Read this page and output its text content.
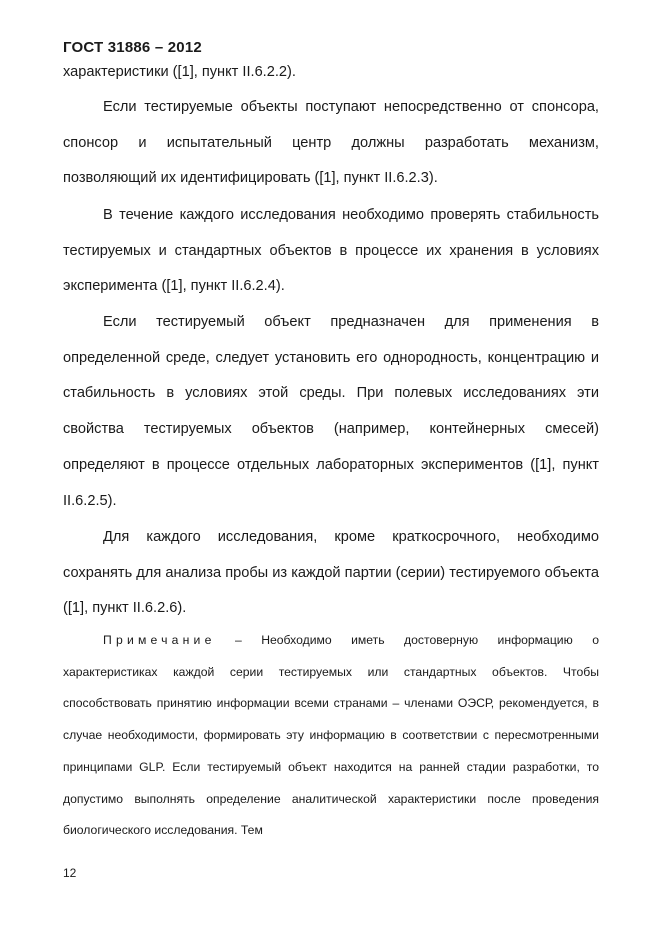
ГОСТ 31886 – 2012

характеристики ([1], пункт II.6.2.2).

Если тестируемые объекты поступают непосредственно от спонсора, спонсор и испытательный центр должны разработать механизм, позволяющий их идентифицировать ([1], пункт II.6.2.3).

В течение каждого исследования необходимо проверять стабильность тестируемых и стандартных объектов в процессе их хранения в условиях эксперимента ([1], пункт II.6.2.4).

Если тестируемый объект предназначен для применения в определенной среде, следует установить его однородность, концентрацию и стабильность в условиях этой среды. При полевых исследованиях эти свойства тестируемых объектов (например, контейнерных смесей) определяют в процессе отдельных лабораторных экспериментов ([1], пункт II.6.2.5).

Для каждого исследования, кроме краткосрочного, необходимо сохранять для анализа пробы из каждой партии (серии) тестируемого объекта ([1], пункт II.6.2.6).

Примечание – Необходимо иметь достоверную информацию о характеристиках каждой серии тестируемых или стандартных объектов. Чтобы способствовать принятию информации всеми странами – членами ОЭСР, рекомендуется, в случае необходимости, формировать эту информацию в соответствии с пересмотренными принципами GLP. Если тестируемый объект находится на ранней стадии разработки, то допустимо выполнять определение аналитической характеристики после проведения биологического исследования. Тем

12
